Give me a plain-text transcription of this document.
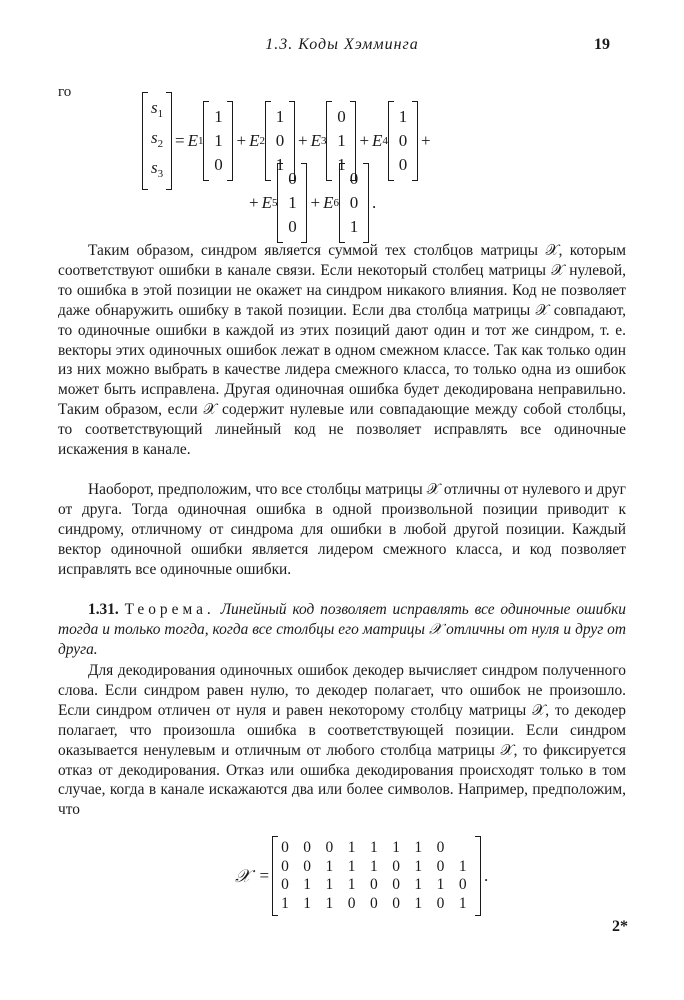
1.3. Коды Хэмминга	19
го
$s_1$
$s_2$
$s_3$
= E 1
1
1
0
+ E 2
1
0
1
+ E 3
0
1
1
+ E 4
1
0
0
+
+ E 5
0
1
0
+ E 6
0
0
1
.
Таким образом, синдром является суммой тех столбцов матрицы 𝒳, которым соответствуют ошибки в канале связи. Если некоторый столбец матрицы 𝒳 нулевой, то ошибка в этой позиции не окажет на синдром никакого влияния. Код не позволяет даже обнаружить ошибку в такой позиции. Если два столбца матрицы 𝒳 совпадают, то одиночные ошибки в каждой из этих позиций дают один и тот же синдром, т. е. векторы этих одиночных ошибок лежат в одном смежном классе. Так как только один из них можно выбрать в качестве лидера смежного класса, то только одна из ошибок может быть исправлена. Другая одиночная ошибка будет декодирована неправильно. Таким образом, если 𝒳 содержит нулевые или совпадающие между собой столбцы, то соответствующий линейный код не позволяет исправлять все одиночные искажения в канале.
Наоборот, предположим, что все столбцы матрицы 𝒳 отличны от нулевого и друг от друга. Тогда одиночная ошибка в одной произвольной позиции приводит к синдрому, отличному от синдрома для ошибки в любой другой позиции. Каждый вектор одиночной ошибки является лидером смежного класса, и код позволяет исправлять все одиночные ошибки.
1.31. Теорема. Линейный код позволяет исправлять все одиночные ошибки тогда и только тогда, когда все столбцы его матрицы 𝒳 отличны от нуля и друг от друга.
Для декодирования одиночных ошибок декодер вычисляет синдром полученного слова. Если синдром равен нулю, то декодер полагает, что ошибок не произошло. Если синдром отличен от нуля и равен некоторому столбцу матрицы 𝒳, то декодер полагает, что произошла ошибка в соответствующей позиции. Если синдром оказывается ненулевым и отличным от любого столбца матрицы 𝒳, то фиксируется отказ от декодирования. Отказ или ошибка декодирования происходят только в том случае, когда в канале искажаются два или более символов. Например, предположим, что
𝒳 =
0 0 0 1 1 1 1 0
0 0 1 1 1 0 1 0 1
0 1 1 1 0 0 1 1 0
1 1 1 0 0 0 1 0 1
.
2*
